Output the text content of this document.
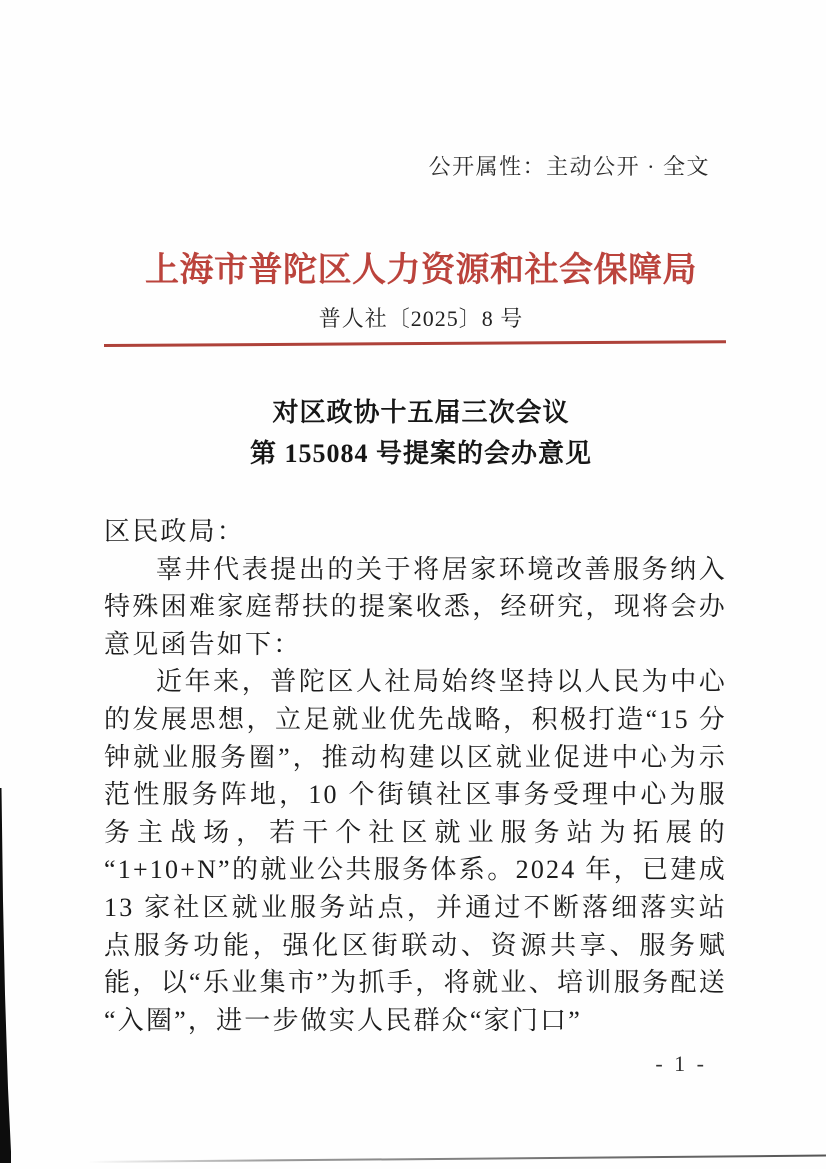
公开属性：主动公开 · 全文
上海市普陀区人力资源和社会保障局
普人社〔2025〕8 号
对区政协十五届三次会议
第 155084 号提案的会办意见

区民政局：

辜井代表提出的关于将居家环境改善服务纳入特殊困难家庭帮扶的提案收悉，经研究，现将会办意见函告如下：

近年来，普陀区人社局始终坚持以人民为中心的发展思想，立足就业优先战略，积极打造“15 分钟就业服务圈”，推动构建以区就业促进中心为示范性服务阵地，10 个街镇社区事务受理中心为服务主战场，若干个社区就业服务站为拓展的“1+10+N”的就业公共服务体系。2024 年，已建成 13 家社区就业服务站点，并通过不断落细落实站点服务功能，强化区街联动、资源共享、服务赋能，以“乐业集市”为抓手，将就业、培训服务配送“入圈”，进一步做实人民群众“家门口”

- 1 -
